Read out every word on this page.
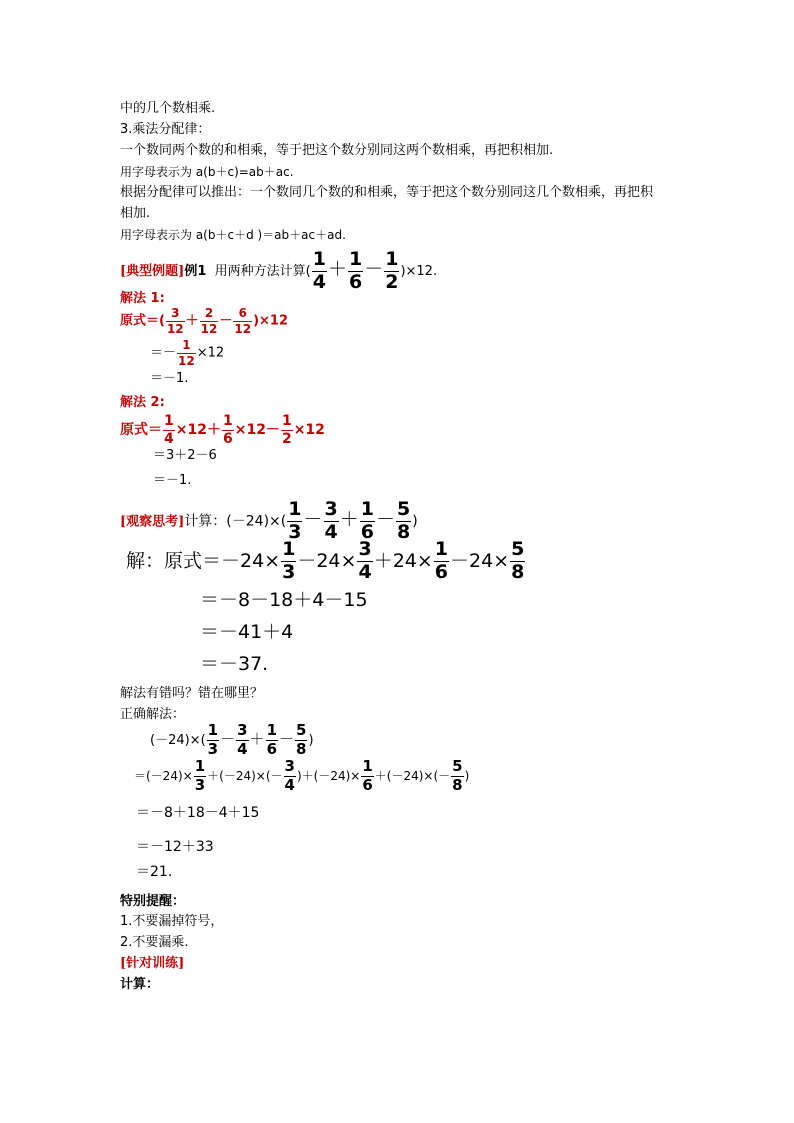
中的几个数相乘.
3.乘法分配律：
一个数同两个数的和相乘，等于把这个数分别同这两个数相乘，再把积相加.
用字母表示为 a(b＋c)=ab＋ac.
根据分配律可以推出：一个数同几个数的和相乘，等于把这个数分别同这几个数相乘，再把积
相加.
用字母表示为 a(b＋c＋d )＝ab＋ac＋ad.
[典型例题]例1 用两种方法计算( $\frac{1}{4} + \frac{1}{6} - \frac{1}{2} )\times 12$.
解法 1:
原式＝( $\frac{3}{12} + \frac{2}{12} - \frac{6}{12} )\times 12$
＝－ $\frac{1}{12} \times 12$
＝－1.
解法 2:
原式＝ $\frac{1}{4} \times 12+ \frac{1}{6} \times 12- \frac{1}{2} \times 12$
＝3＋2－6
＝－1.
[观察思考]计算：$(-24)\times( \frac{1}{3} - \frac{3}{4} + \frac{1}{6} - \frac{5}{8}$ )
解：原式$=-24\times \frac{1}{3} -24\times \frac{3}{4} +24\times \frac{1}{6} -24\times \frac{5}{8}$
＝－8－18＋4－15
＝－41＋4
＝－37.
解法有错吗？错在哪里？
正确解法：
$(-24)\times( \frac{1}{3} - \frac{3}{4} + \frac{1}{6} - \frac{5}{8}$ )
$=(-24)\times \frac{1}{3} +(-24)\times(- \frac{3}{4} )+(-24)\times \frac{1}{6} +(-24)\times(- \frac{5}{8}$ )
＝－8＋18－4＋15
＝－12＋33
＝21.
特别提醒：
1.不要漏掉符号，
2.不要漏乘.
[针对训练]
计算：
